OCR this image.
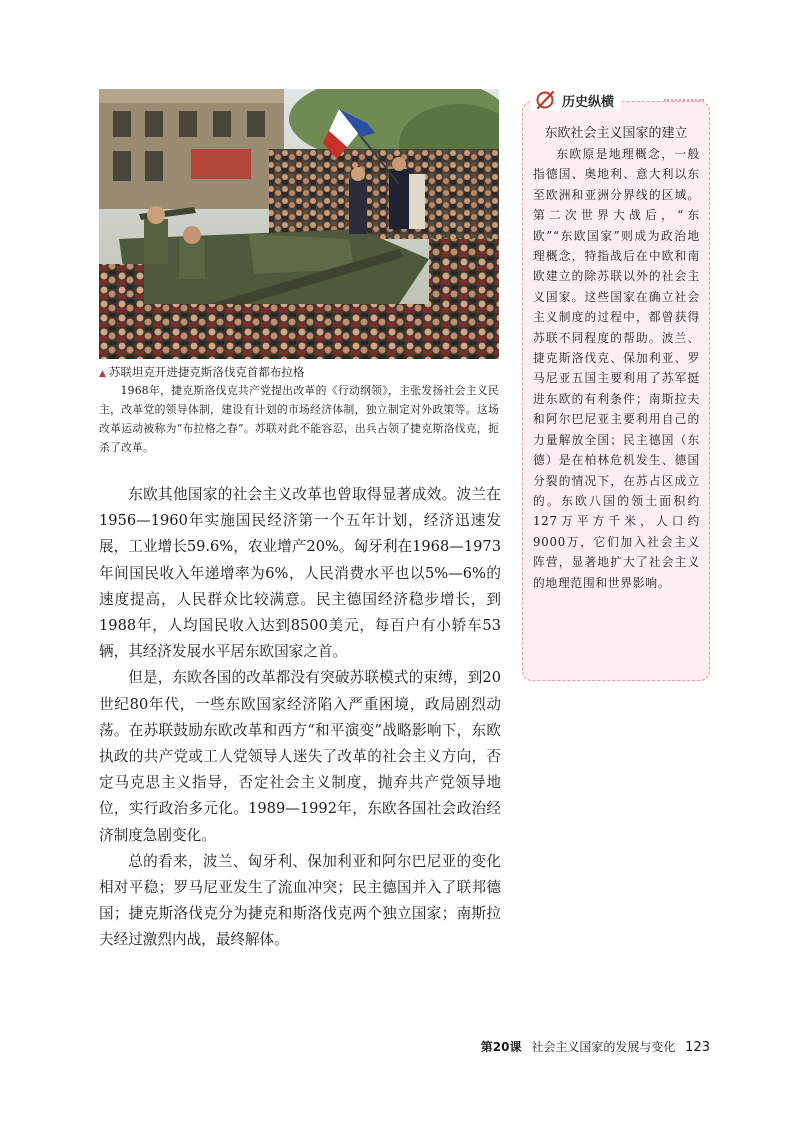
▲ 苏联坦克开进捷克斯洛伐克首都布拉格
1968年，捷克斯洛伐克共产党提出改革的《行动纲领》，主张发扬社会主义民主，改革党的领导体制，建设有计划的市场经济体制，独立制定对外政策等。这场改革运动被称为“布拉格之春”。苏联对此不能容忍，出兵占领了捷克斯洛伐克，扼杀了改革。

东欧其他国家的社会主义改革也曾取得显著成效。波兰在1956—1960年实施国民经济第一个五年计划，经济迅速发展，工业增长59.6%，农业增产20%。匈牙利在1968—1973年间国民收入年递增率为6%，人民消费水平也以5%—6%的速度提高，人民群众比较满意。民主德国经济稳步增长，到1988年，人均国民收入达到8500美元，每百户有小轿车53辆，其经济发展水平居东欧国家之首。

但是，东欧各国的改革都没有突破苏联模式的束缚，到20世纪80年代，一些东欧国家经济陷入严重困境，政局剧烈动荡。在苏联鼓励东欧改革和西方“和平演变”战略影响下，东欧执政的共产党或工人党领导人迷失了改革的社会主义方向，否定马克思主义指导，否定社会主义制度，抛弃共产党领导地位，实行政治多元化。1989—1992年，东欧各国社会政治经济制度急剧变化。

总的看来，波兰、匈牙利、保加利亚和阿尔巴尼亚的变化相对平稳；罗马尼亚发生了流血冲突；民主德国并入了联邦德国；捷克斯洛伐克分为捷克和斯洛伐克两个独立国家；南斯拉夫经过激烈内战，最终解体。

历史纵横
东欧社会主义国家的建立

东欧原是地理概念，一般指德国、奥地利、意大利以东至欧洲和亚洲分界线的区域。第二次世界大战后，“东欧”“东欧国家”则成为政治地理概念，特指战后在中欧和南欧建立的除苏联以外的社会主义国家。这些国家在确立社会主义制度的过程中，都曾获得苏联不同程度的帮助。波兰、捷克斯洛伐克、保加利亚、罗马尼亚五国主要利用了苏军挺进东欧的有利条件；南斯拉夫和阿尔巴尼亚主要利用自己的力量解放全国；民主德国（东德）是在柏林危机发生、德国分裂的情况下，在苏占区成立的。东欧八国的领土面积约127万平方千米，人口约9000万，它们加入社会主义阵营，显著地扩大了社会主义的地理范围和世界影响。

第20课 社会主义国家的发展与变化 123
